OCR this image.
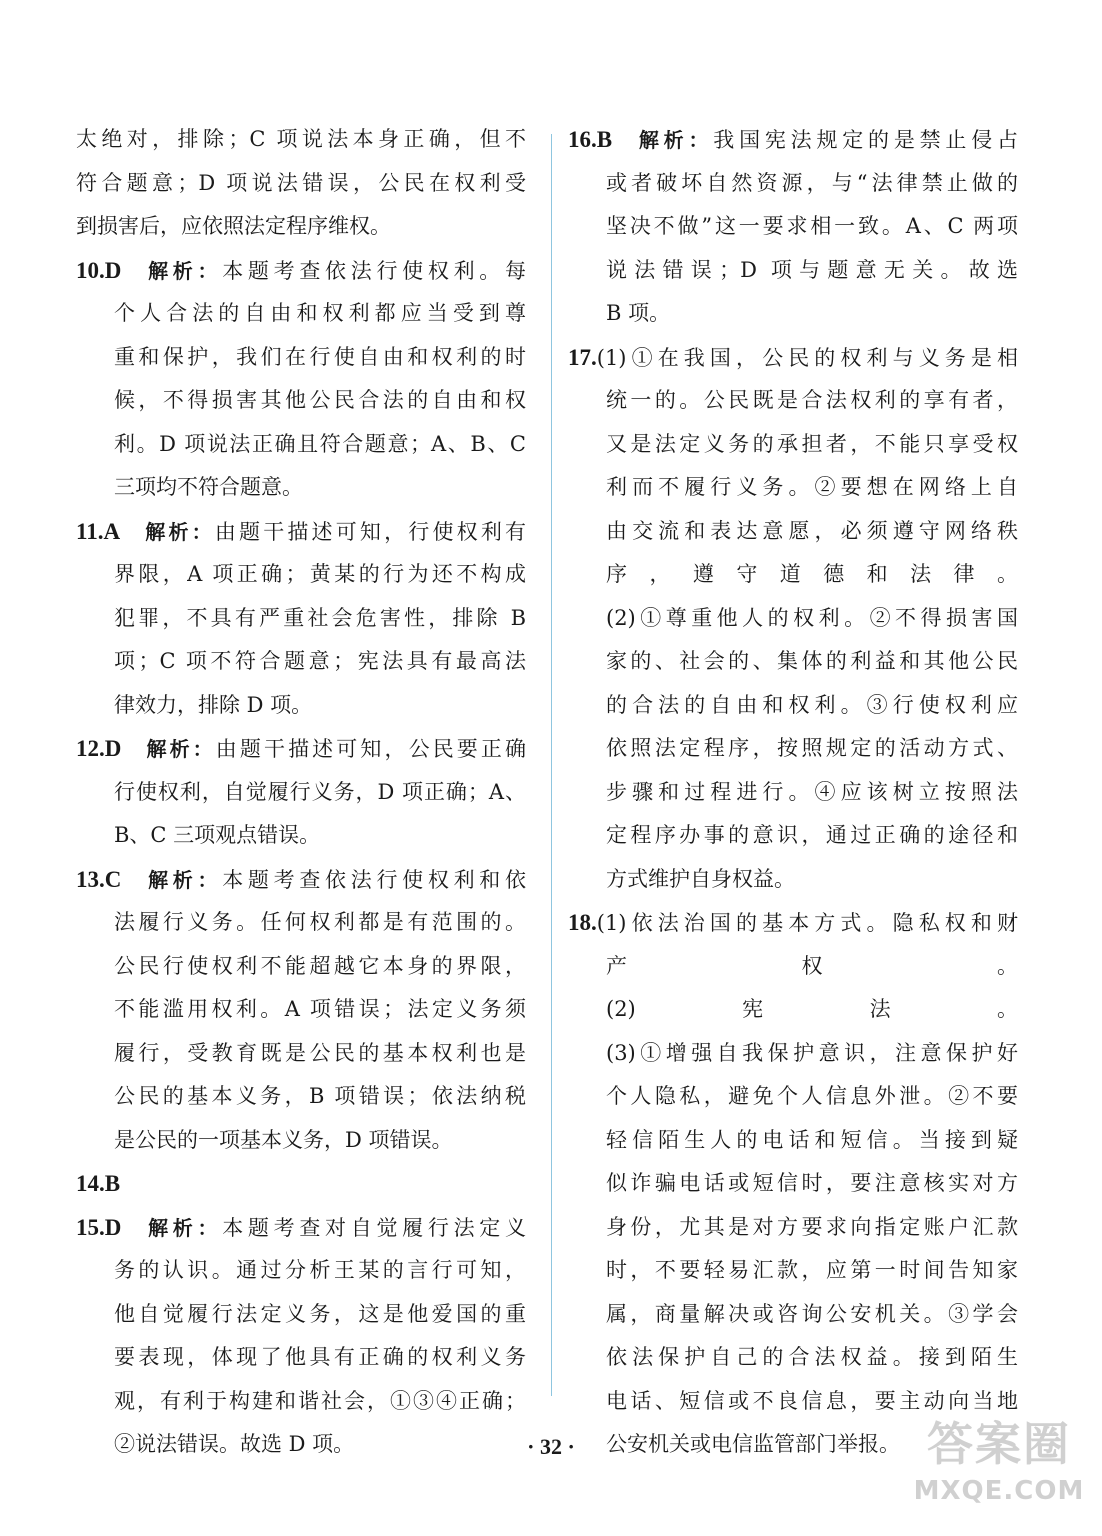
太绝对，排除；C 项说法本身正确，但不
符合题意；D 项说法错误，公民在权利受
到损害后，应依照法定程序维权。
10.D 解析：本题考查依法行使权利。每
个人合法的自由和权利都应当受到尊
重和保护，我们在行使自由和权利的时
候，不得损害其他公民合法的自由和权
利。D 项说法正确且符合题意；A、B、C
三项均不符合题意。
11.A 解析：由题干描述可知，行使权利有
界限，A 项正确；黄某的行为还不构成
犯罪，不具有严重社会危害性，排除 B
项；C 项不符合题意；宪法具有最高法
律效力，排除 D 项。
12.D 解析：由题干描述可知，公民要正确
行使权利，自觉履行义务，D 项正确；A、
B、C 三项观点错误。
13.C 解析：本题考查依法行使权利和依
法履行义务。任何权利都是有范围的。
公民行使权利不能超越它本身的界限，
不能滥用权利。A 项错误；法定义务须
履行，受教育既是公民的基本权利也是
公民的基本义务，B 项错误；依法纳税
是公民的一项基本义务，D 项错误。
14.B
15.D 解析：本题考查对自觉履行法定义
务的认识。通过分析王某的言行可知，
他自觉履行法定义务，这是他爱国的重
要表现，体现了他具有正确的权利义务
观，有利于构建和谐社会，①③④正确；
②说法错误。故选 D 项。
16.B 解析：我国宪法规定的是禁止侵占
或者破坏自然资源，与“法律禁止做的
坚决不做”这一要求相一致。A、C 两项
说法错误；D 项与题意无关。故选
B 项。
17.(1)①在我国，公民的权利与义务是相
统一的。公民既是合法权利的享有者，
又是法定义务的承担者，不能只享受权
利而不履行义务。②要想在网络上自
由交流和表达意愿，必须遵守网络秩
序，遵守道德和法律。
(2)①尊重他人的权利。②不得损害国
家的、社会的、集体的利益和其他公民
的合法的自由和权利。③行使权利应
依照法定程序，按照规定的活动方式、
步骤和过程进行。④应该树立按照法
定程序办事的意识，通过正确的途径和
方式维护自身权益。
18.(1)依法治国的基本方式。隐私权和财
产权。
(2)宪法。
(3)①增强自我保护意识，注意保护好
个人隐私，避免个人信息外泄。②不要
轻信陌生人的电话和短信。当接到疑
似诈骗电话或短信时，要注意核实对方
身份，尤其是对方要求向指定账户汇款
时，不要轻易汇款，应第一时间告知家
属，商量解决或咨询公安机关。③学会
依法保护自己的合法权益。接到陌生
电话、短信或不良信息，要主动向当地
公安机关或电信监管部门举报。
· 32 ·	答案圈
MXQE.COM
